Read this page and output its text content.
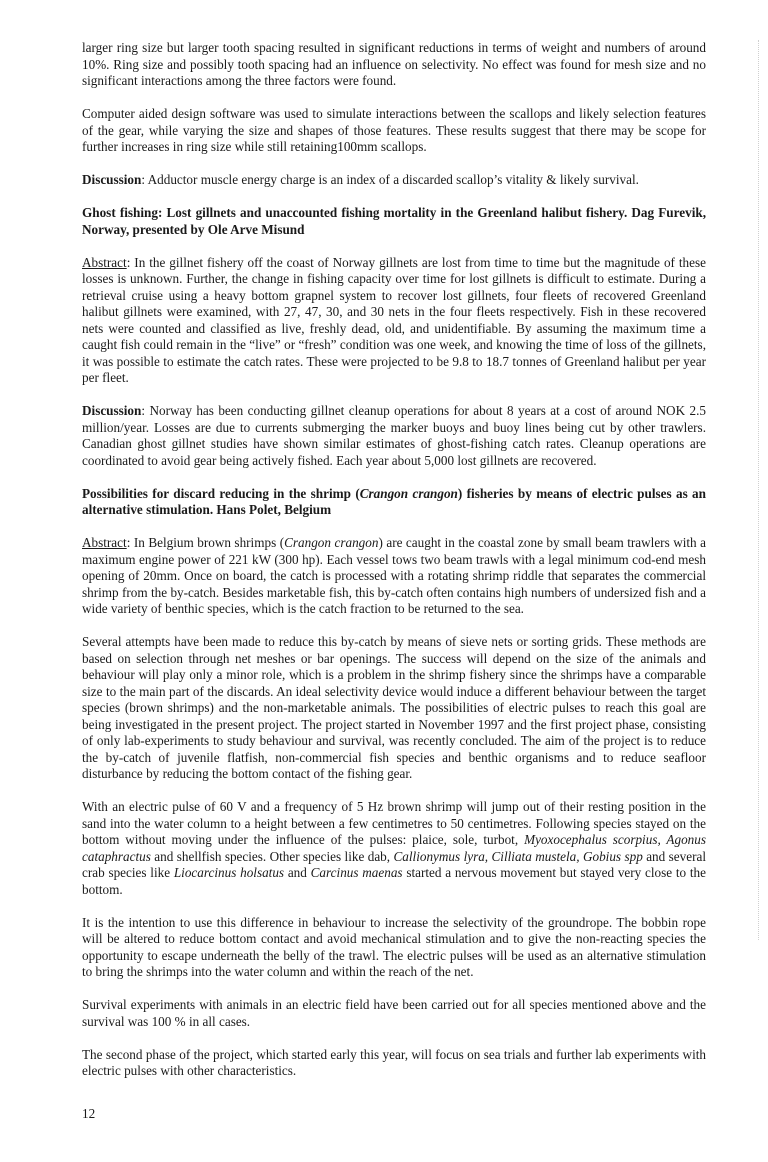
larger ring size but larger tooth spacing resulted in significant reductions in terms of weight and numbers of around 10%. Ring size and possibly tooth spacing had an influence on selectivity. No effect was found for mesh size and no significant interactions among the three factors were found.

Computer aided design software was used to simulate interactions between the scallops and likely selection features of the gear, while varying the size and shapes of those features. These results suggest that there may be scope for further increases in ring size while still retaining100mm scallops.

Discussion: Adductor muscle energy charge is an index of a discarded scallop’s vitality & likely survival.

Ghost fishing: Lost gillnets and unaccounted fishing mortality in the Greenland halibut fishery. Dag Furevik, Norway, presented by Ole Arve Misund

Abstract: In the gillnet fishery off the coast of Norway gillnets are lost from time to time but the magnitude of these losses is unknown. Further, the change in fishing capacity over time for lost gillnets is difficult to estimate. During a retrieval cruise using a heavy bottom grapnel system to recover lost gillnets, four fleets of recovered Greenland halibut gillnets were examined, with 27, 47, 30, and 30 nets in the four fleets respectively. Fish in these recovered nets were counted and classified as live, freshly dead, old, and unidentifiable. By assuming the maximum time a caught fish could remain in the “live” or “fresh” condition was one week, and knowing the time of loss of the gillnets, it was possible to estimate the catch rates. These were projected to be 9.8 to 18.7 tonnes of Greenland halibut per year per fleet.

Discussion: Norway has been conducting gillnet cleanup operations for about 8 years at a cost of around NOK 2.5 million/year. Losses are due to currents submerging the marker buoys and buoy lines being cut by other trawlers. Canadian ghost gillnet studies have shown similar estimates of ghost-fishing catch rates. Cleanup operations are coordinated to avoid gear being actively fished. Each year about 5,000 lost gillnets are recovered.

Possibilities for discard reducing in the shrimp (Crangon crangon) fisheries by means of electric pulses as an alternative stimulation. Hans Polet, Belgium

Abstract: In Belgium brown shrimps (Crangon crangon) are caught in the coastal zone by small beam trawlers with a maximum engine power of 221 kW (300 hp). Each vessel tows two beam trawls with a legal minimum cod-end mesh opening of 20mm. Once on board, the catch is processed with a rotating shrimp riddle that separates the commercial shrimp from the by-catch. Besides marketable fish, this by-catch often contains high numbers of undersized fish and a wide variety of benthic species, which is the catch fraction to be returned to the sea.

Several attempts have been made to reduce this by-catch by means of sieve nets or sorting grids. These methods are based on selection through net meshes or bar openings. The success will depend on the size of the animals and behaviour will play only a minor role, which is a problem in the shrimp fishery since the shrimps have a comparable size to the main part of the discards. An ideal selectivity device would induce a different behaviour between the target species (brown shrimps) and the non-marketable animals. The possibilities of electric pulses to reach this goal are being investigated in the present project. The project started in November 1997 and the first project phase, consisting of only lab-experiments to study behaviour and survival, was recently concluded. The aim of the project is to reduce the by-catch of juvenile flatfish, non-commercial fish species and benthic organisms and to reduce seafloor disturbance by reducing the bottom contact of the fishing gear.

With an electric pulse of 60 V and a frequency of 5 Hz brown shrimp will jump out of their resting position in the sand into the water column to a height between a few centimetres to 50 centimetres. Following species stayed on the bottom without moving under the influence of the pulses: plaice, sole, turbot, Myoxocephalus scorpius, Agonus cataphractus and shellfish species. Other species like dab, Callionymus lyra, Cilliata mustela, Gobius spp and several crab species like Liocarcinus holsatus and Carcinus maenas started a nervous movement but stayed very close to the bottom.

It is the intention to use this difference in behaviour to increase the selectivity of the groundrope. The bobbin rope will be altered to reduce bottom contact and avoid mechanical stimulation and to give the non-reacting species the opportunity to escape underneath the belly of the trawl. The electric pulses will be used as an alternative stimulation to bring the shrimps into the water column and within the reach of the net.

Survival experiments with animals in an electric field have been carried out for all species mentioned above and the survival was 100 % in all cases.

The second phase of the project, which started early this year, will focus on sea trials and further lab experiments with electric pulses with other characteristics.

12
